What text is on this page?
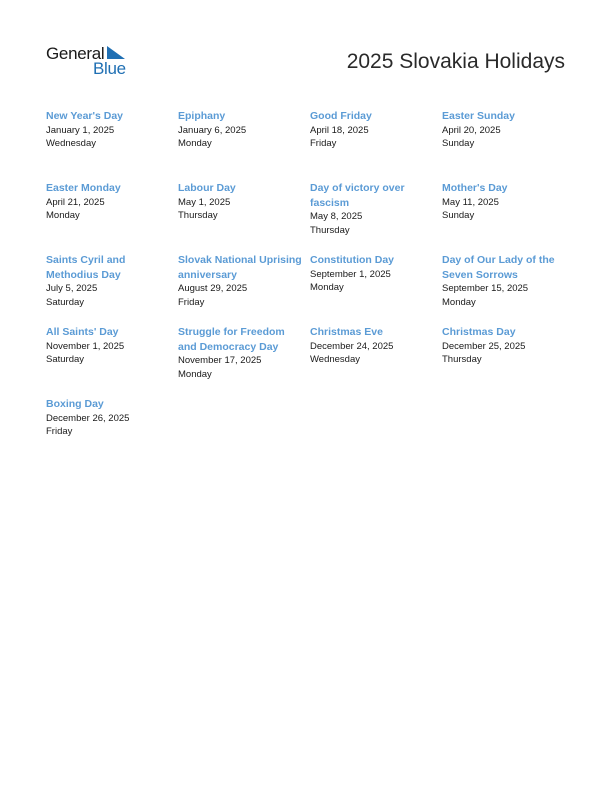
General
Blue	2025 Slovakia Holidays
New Year's Day
January 1, 2025
Wednesday
Epiphany
January 6, 2025
Monday
Good Friday
April 18, 2025
Friday
Easter Sunday
April 20, 2025
Sunday
Easter Monday
April 21, 2025
Monday
Labour Day
May 1, 2025
Thursday
Day of victory over fascism
May 8, 2025
Thursday
Mother's Day
May 11, 2025
Sunday
Saints Cyril and Methodius Day
July 5, 2025
Saturday
Slovak National Uprising anniversary
August 29, 2025
Friday
Constitution Day
September 1, 2025
Monday
Day of Our Lady of the Seven Sorrows
September 15, 2025
Monday
All Saints' Day
November 1, 2025
Saturday
Struggle for Freedom and Democracy Day
November 17, 2025
Monday
Christmas Eve
December 24, 2025
Wednesday
Christmas Day
December 25, 2025
Thursday
Boxing Day
December 26, 2025
Friday
